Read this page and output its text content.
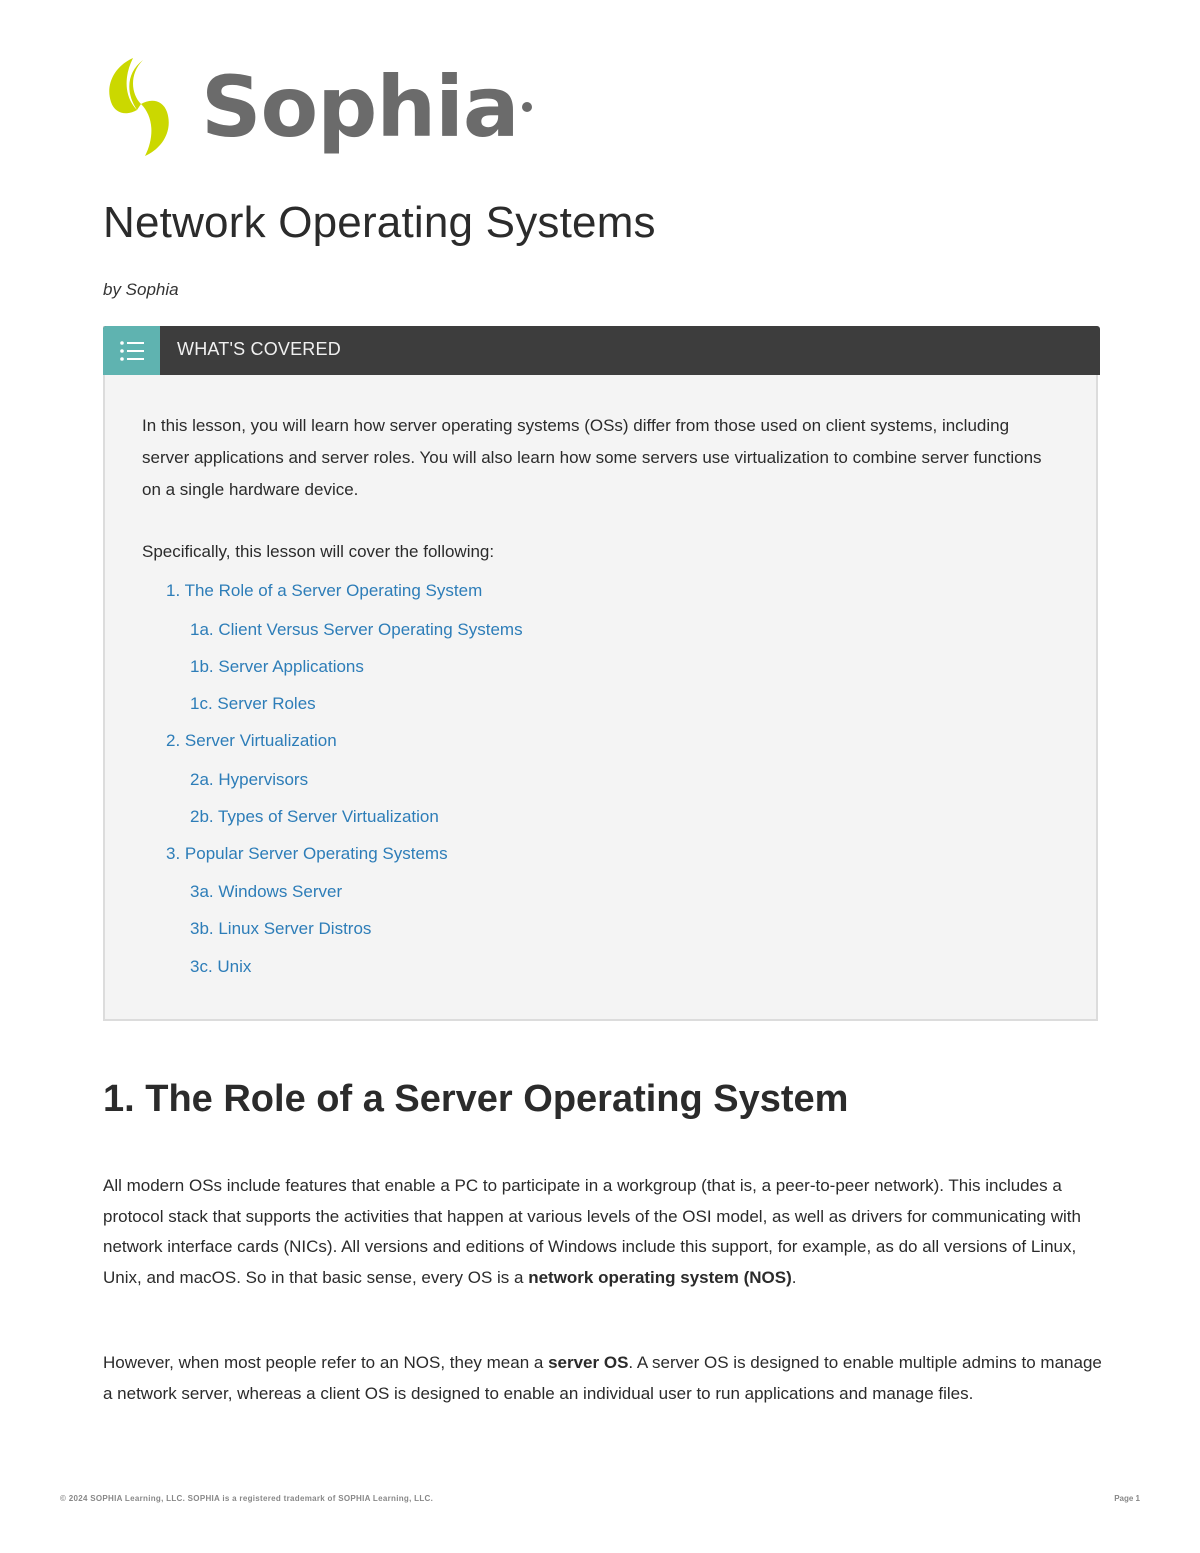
Sophia
Network Operating Systems
by Sophia
WHAT'S COVERED

In this lesson, you will learn how server operating systems (OSs) differ from those used on client systems, including server applications and server roles. You will also learn how some servers use virtualization to combine server functions on a single hardware device.

Specifically, this lesson will cover the following:

1. The Role of a Server Operating System
1a. Client Versus Server Operating Systems
1b. Server Applications
1c. Server Roles
2. Server Virtualization
2a. Hypervisors
2b. Types of Server Virtualization
3. Popular Server Operating Systems
3a. Windows Server
3b. Linux Server Distros
3c. Unix
1. The Role of a Server Operating System

All modern OSs include features that enable a PC to participate in a workgroup (that is, a peer-to-peer network). This includes a protocol stack that supports the activities that happen at various levels of the OSI model, as well as drivers for communicating with network interface cards (NICs). All versions and editions of Windows include this support, for example, as do all versions of Linux, Unix, and macOS. So in that basic sense, every OS is a network operating system (NOS).

However, when most people refer to an NOS, they mean a server OS. A server OS is designed to enable multiple admins to manage a network server, whereas a client OS is designed to enable an individual user to run applications and manage files.

© 2024 SOPHIA Learning, LLC. SOPHIA is a registered trademark of SOPHIA Learning, LLC.	Page 1
